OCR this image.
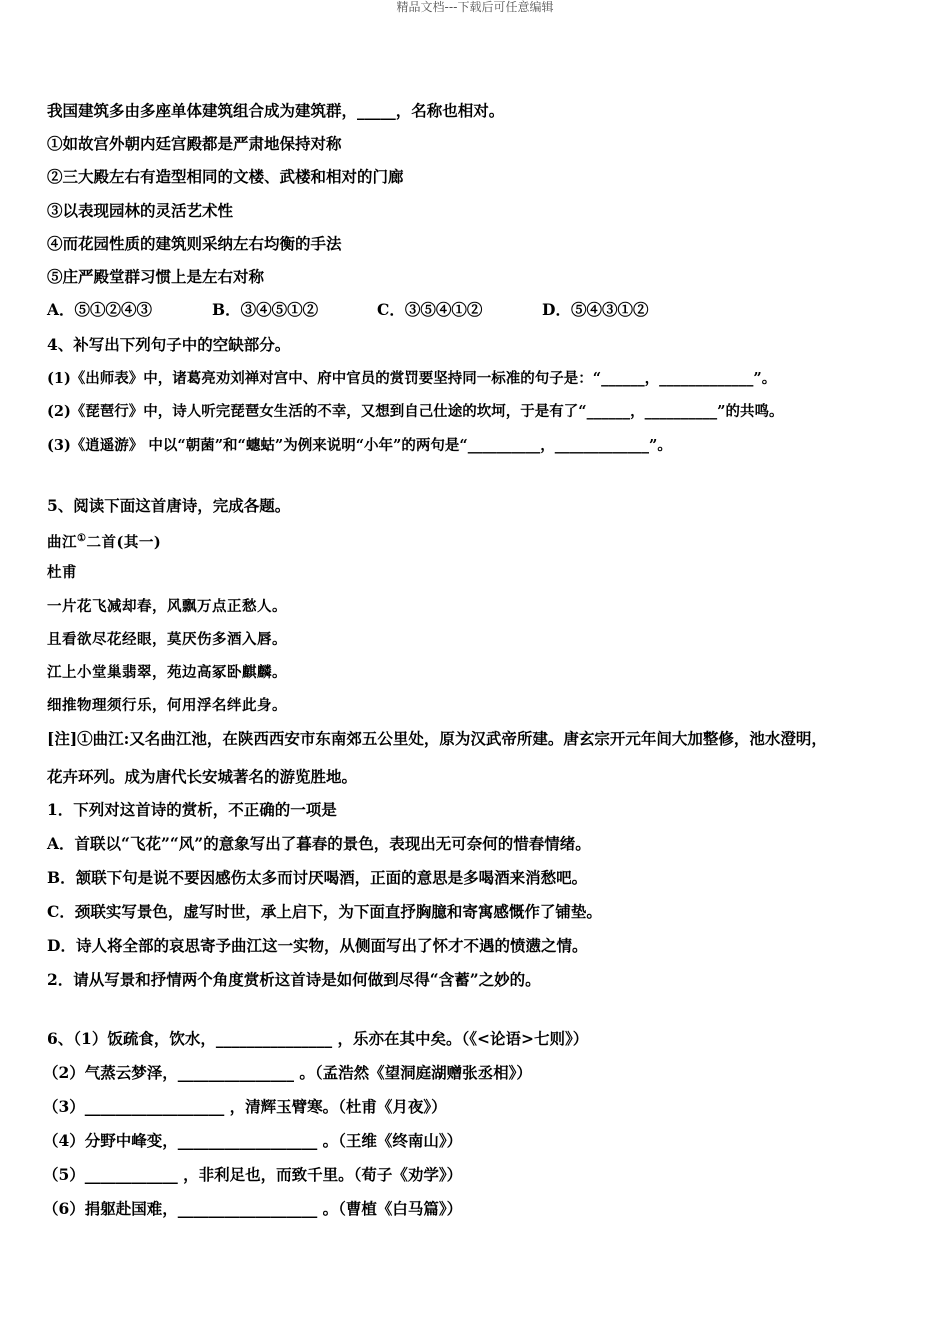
精品文档---下载后可任意编辑
我国建筑多由多座单体建筑组合成为建筑群，_____，名称也相对。
①如故宫外朝内廷宫殿都是严肃地保持对称
②三大殿左右有造型相同的文楼、武楼和相对的门廊
③以表现园林的灵活艺术性
④而花园性质的建筑则采纳左右均衡的手法
⑤庄严殿堂群习惯上是左右对称
A．⑤①②④③	B．③④⑤①②	C．③⑤④①②	D．⑤④③①②
4、补写出下列句子中的空缺部分。
(1)《出师表》中，诸葛亮劝刘禅对宫中、府中官员的赏罚要坚持同一标准的句子是：“______，_____________”。
(2)《琵琶行》中，诗人听完琵琶女生活的不幸，又想到自己仕途的坎坷，于是有了“______，__________”的共鸣。
(3)《逍遥游》 中以“朝菌”和“蟪蛄”为例来说明“小年”的两句是“__________，_____________”。
5、阅读下面这首唐诗，完成各题。
曲江①二首(其一)
杜甫
一片花飞减却春，风飘万点正愁人。
且看欲尽花经眼，莫厌伤多酒入唇。
江上小堂巢翡翠，苑边高冢卧麒麟。
细推物理须行乐，何用浮名绊此身。
[注]①曲江:又名曲江池，在陕西西安市东南郊五公里处，原为汉武帝所建。唐玄宗开元年间大加整修，池水澄明，
花卉环列。成为唐代长安城著名的游览胜地。
1．下列对这首诗的赏析，不正确的一项是
A．首联以“飞花”“风”的意象写出了暮春的景色，表现出无可奈何的惜春情绪。
B．颔联下句是说不要因感伤太多而讨厌喝酒，正面的意思是多喝酒来消愁吧。
C．颈联实写景色，虚写时世，承上启下，为下面直抒胸臆和寄寓感慨作了铺垫。
D．诗人将全部的哀思寄予曲江这一实物，从侧面写出了怀才不遇的愤懑之情。
2．请从写景和抒情两个角度赏析这首诗是如何做到尽得“含蓄”之妙的。
6、（1）饭疏食，饮水，_______________ ，乐亦在其中矣。（《<论语>七则》）
（2）气蒸云梦泽，_______________ 。（孟浩然《望洞庭湖赠张丞相》）
（3）__________________ ，清辉玉臂寒。（杜甫《月夜》）
（4）分野中峰变，__________________ 。（王维《终南山》）
（5）____________ ，非利足也，而致千里。（荀子《劝学》）
（6）捐躯赴国难，__________________ 。（曹植《白马篇》）
